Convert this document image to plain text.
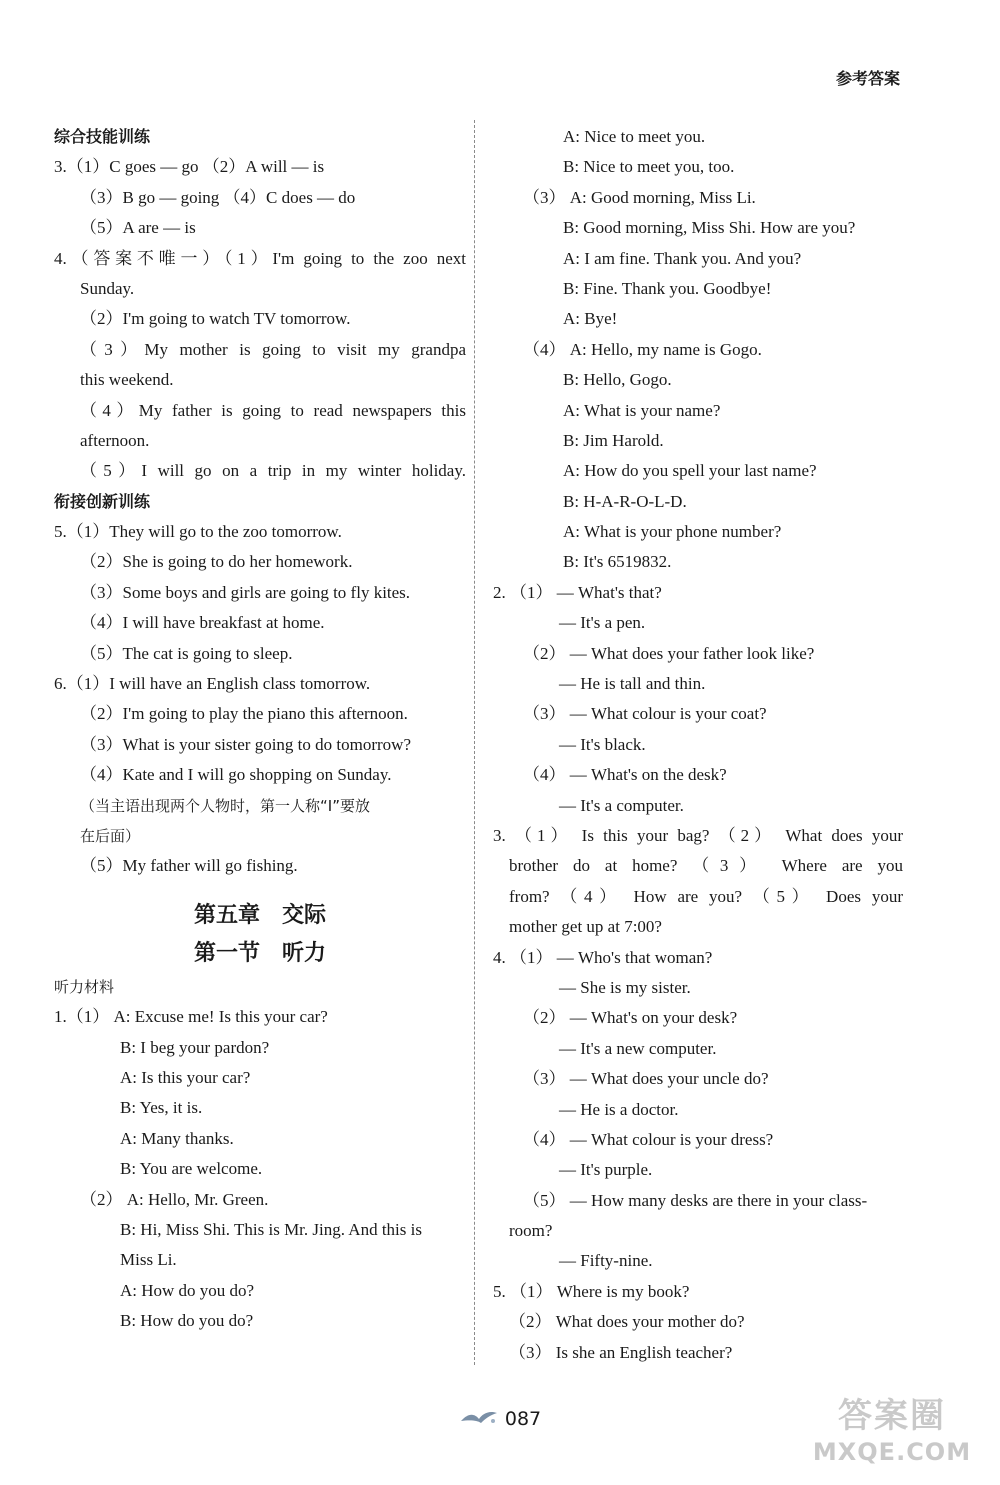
参考答案
综合技能训练
3.（1）C goes — go （2）A will — is
（3）B go — going （4）C does — do
（5）A are — is
4.（答案不唯一）（1）I'm going to the zoo next
Sunday.
（2）I'm going to watch TV tomorrow.
（3）My mother is going to visit my grandpa
this weekend.
（4）My father is going to read newspapers this
afternoon.
（5）I will go on a trip in my winter holiday.
衔接创新训练
5.（1）They will go to the zoo tomorrow.
（2）She is going to do her homework.
（3）Some boys and girls are going to fly kites.
（4）I will have breakfast at home.
（5）The cat is going to sleep.
6.（1）I will have an English class tomorrow.
（2）I'm going to play the piano this afternoon.
（3）What is your sister going to do tomorrow?
（4）Kate and I will go shopping on Sunday.
（当主语出现两个人物时，第一人称“I”要放
在后面）
（5）My father will go fishing.
第五章　交际
第一节　听力
听力材料
1.（1） A: Excuse me! Is this your car?
B: I beg your pardon?
A: Is this your car?
B: Yes, it is.
A: Many thanks.
B: You are welcome.
（2） A: Hello, Mr. Green.
B: Hi, Miss Shi. This is Mr. Jing. And this is
Miss Li.
A: How do you do?
B: How do you do?
A: Nice to meet you.
B: Nice to meet you, too.
（3） A: Good morning, Miss Li.
B: Good morning, Miss Shi. How are you?
A: I am fine. Thank you. And you?
B: Fine. Thank you. Goodbye!
A: Bye!
（4） A: Hello, my name is Gogo.
B: Hello, Gogo.
A: What is your name?
B: Jim Harold.
A: How do you spell your last name?
B: H-A-R-O-L-D.
A: What is your phone number?
B: It's 6519832.
2. （1） — What's that?
— It's a pen.
（2） — What does your father look like?
— He is tall and thin.
（3） — What colour is your coat?
— It's black.
（4） — What's on the desk?
— It's a computer.
3. （1） Is this your bag? （2） What does your
brother do at home? （3） Where are you
from? （4） How are you? （5） Does your
mother get up at 7:00?
4. （1） — Who's that woman?
— She is my sister.
（2） — What's on your desk?
— It's a new computer.
（3） — What does your uncle do?
— He is a doctor.
（4） — What colour is your dress?
— It's purple.
（5） — How many desks are there in your class-
room?
— Fifty-nine.
5. （1） Where is my book?
（2） What does your mother do?
（3） Is she an English teacher?
087	答案圈
MXQE.COM
